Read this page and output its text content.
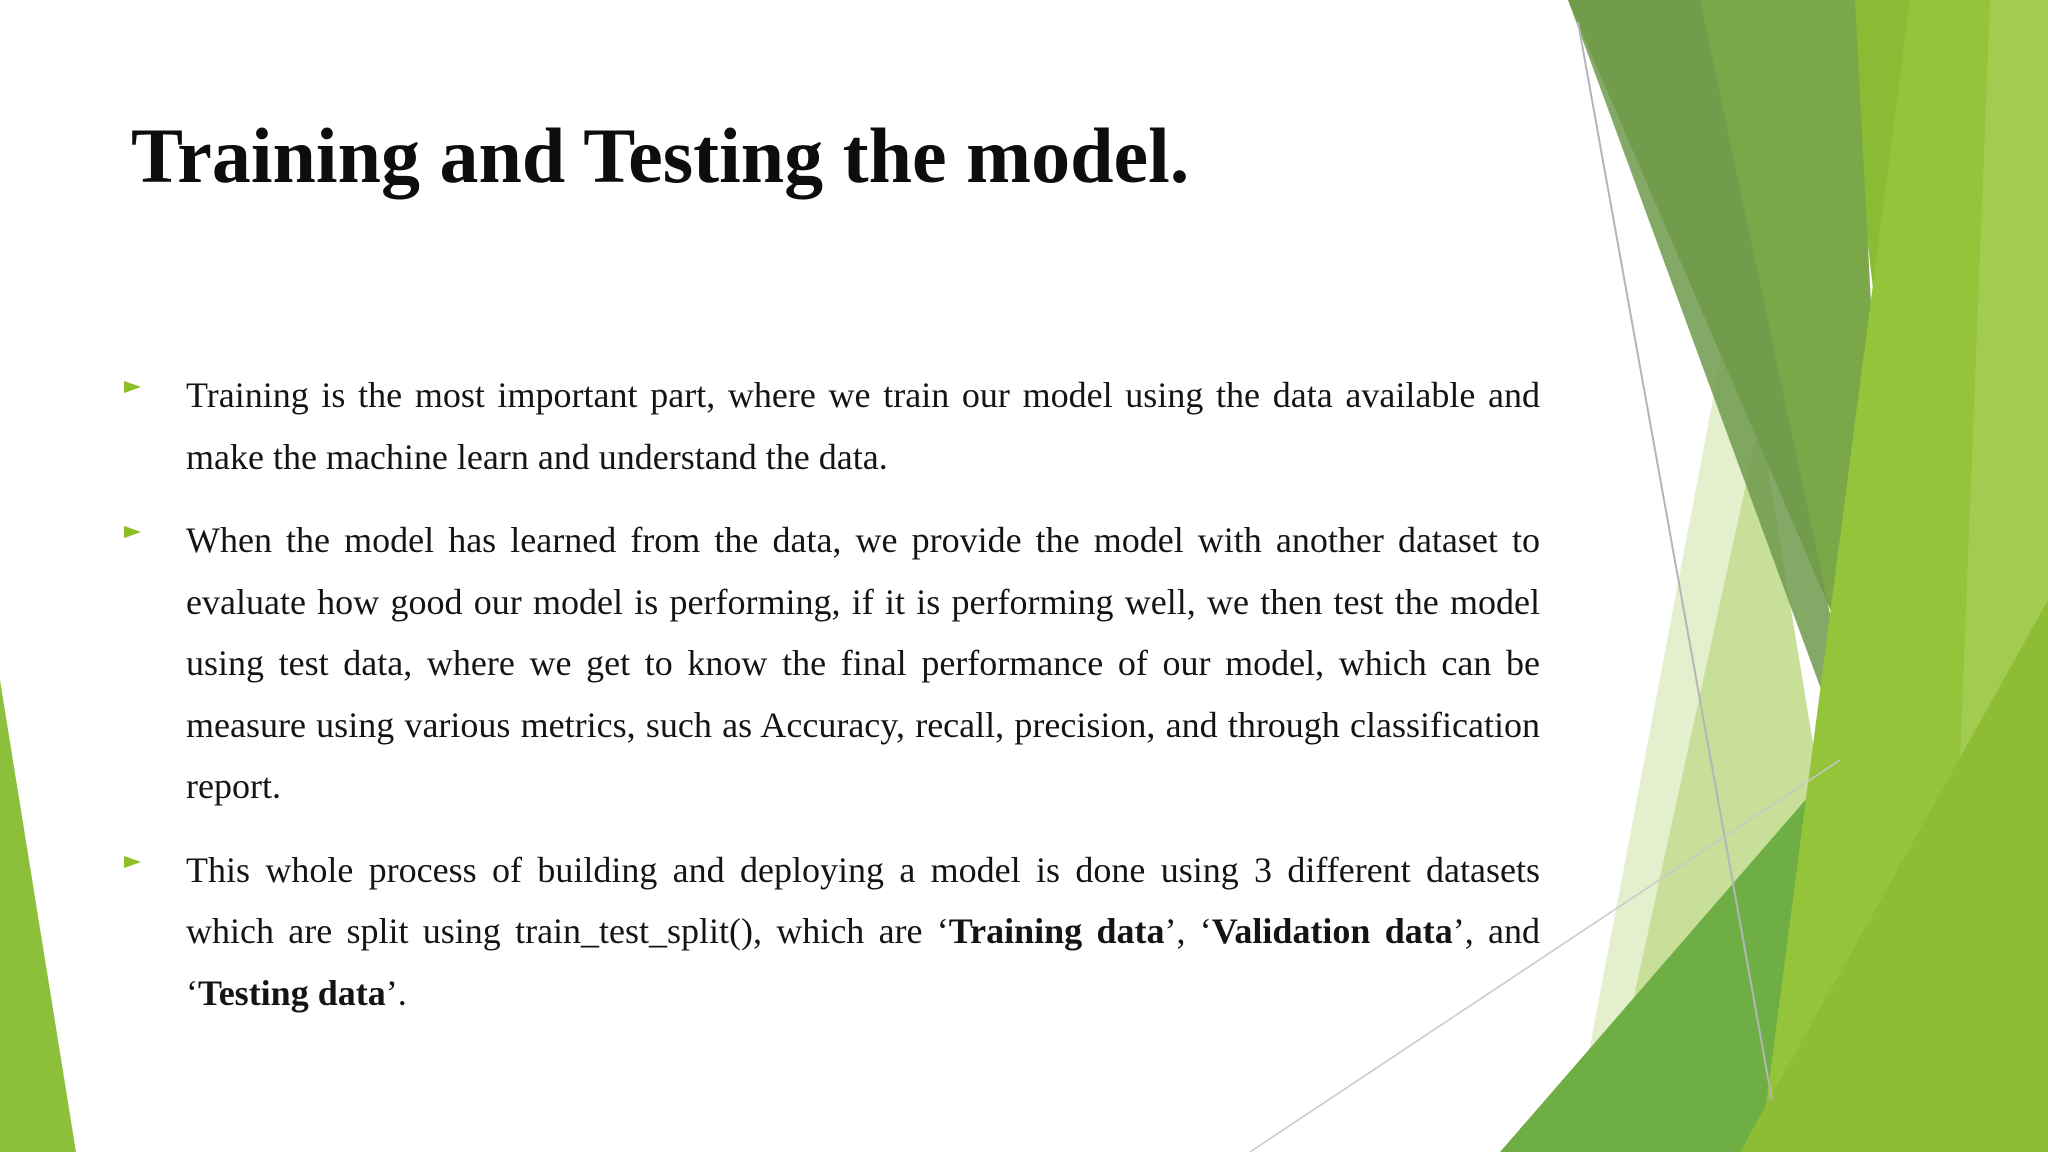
Training and Testing the model.
Training is the most important part, where we train our model using the data available and make the machine learn and understand the data.
When the model has learned from the data, we provide the model with another dataset to evaluate how good our model is performing, if it is performing well, we then test the model using test data, where we get to know the final performance of our model, which can be measure using various metrics, such as Accuracy, recall, precision, and through classification report.
This whole process of building and deploying a model is done using 3 different datasets which are split using train_test_split(), which are ‘Training data’, ‘Validation data’, and ‘Testing data’.
